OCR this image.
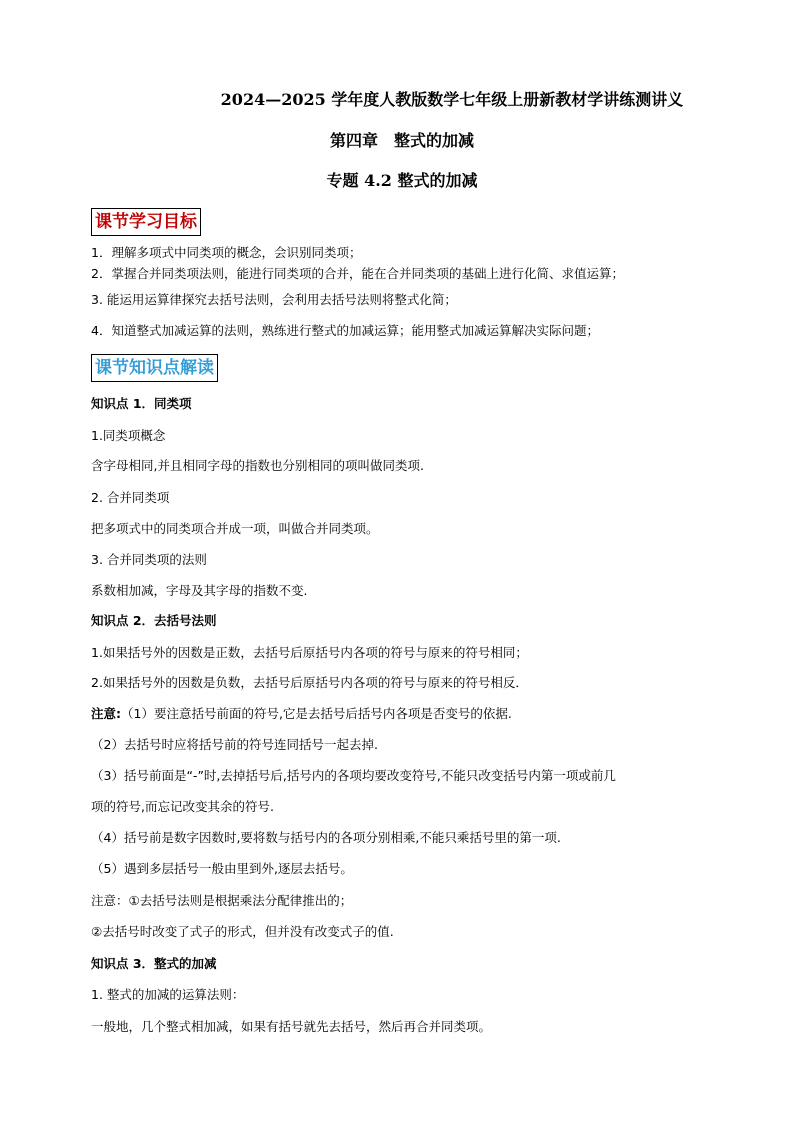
2024—2025 学年度人教版数学七年级上册新教材学讲练测讲义
第四章　整式的加减
专题 4.2 整式的加减
课节学习目标
1．理解多项式中同类项的概念，会识别同类项；
2．掌握合并同类项法则，能进行同类项的合并，能在合并同类项的基础上进行化简、求值运算；
3. 能运用运算律探究去括号法则，会利用去括号法则将整式化简；
4．知道整式加减运算的法则，熟练进行整式的加减运算；能用整式加减运算解决实际问题；
课节知识点解读
知识点 1．同类项
1.同类项概念
含字母相同,并且相同字母的指数也分别相同的项叫做同类项.
2. 合并同类项
把多项式中的同类项合并成一项，叫做合并同类项。
3. 合并同类项的法则
系数相加减，字母及其字母的指数不变.
知识点 2．去括号法则
1.如果括号外的因数是正数，去括号后原括号内各项的符号与原来的符号相同；
2.如果括号外的因数是负数，去括号后原括号内各项的符号与原来的符号相反．
注意:（1）要注意括号前面的符号,它是去括号后括号内各项是否变号的依据.
（2）去括号时应将括号前的符号连同括号一起去掉.
（3）括号前面是“-”时,去掉括号后,括号内的各项均要改变符号,不能只改变括号内第一项或前几
项的符号,而忘记改变其余的符号.
（4）括号前是数字因数时,要将数与括号内的各项分别相乘,不能只乘括号里的第一项.
（5）遇到多层括号一般由里到外,逐层去括号。
注意：①去括号法则是根据乘法分配律推出的；
②去括号时改变了式子的形式，但并没有改变式子的值.
知识点 3．整式的加减
1. 整式的加减的运算法则：
一般地，几个整式相加减，如果有括号就先去括号，然后再合并同类项。
